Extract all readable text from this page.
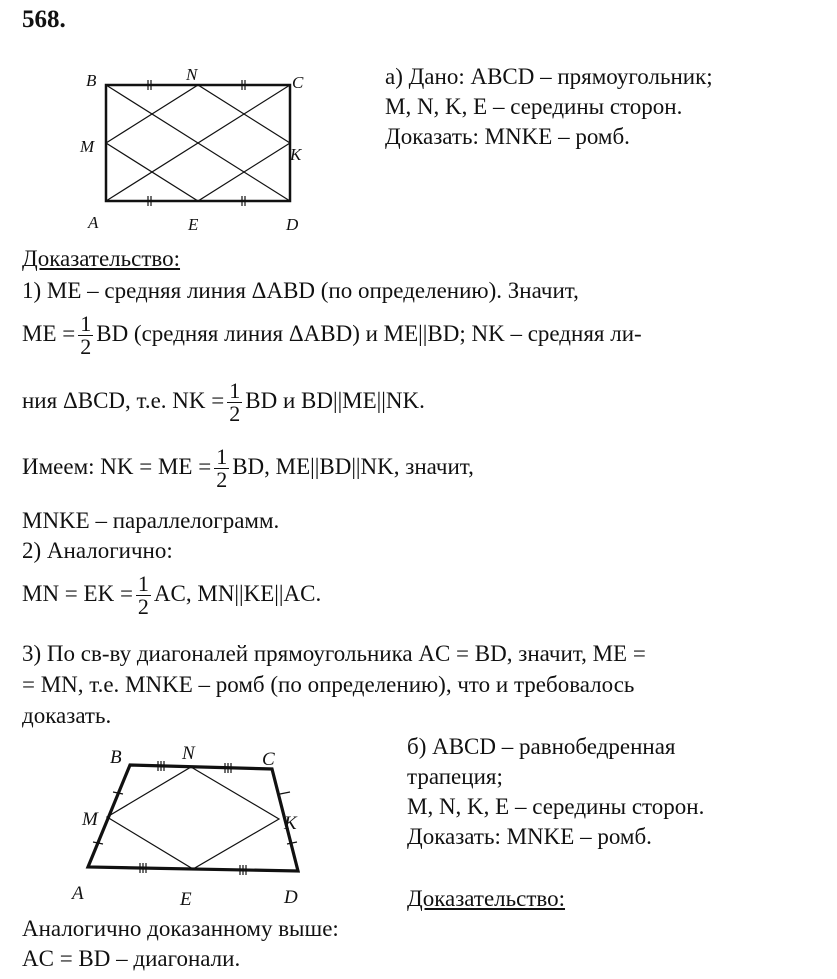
568.
B	N	C
M	K
A	E	D
а) Дано: ABCD – прямоугольник;
M, N, K, E – середины сторон.
Доказать: MNKE – ромб.
Доказательство:
1) ME – средняя линия ΔABD (по определению). Значит,
ME = $\frac{1}{2}$ BD (средняя линия ΔABD) и ME||BD; NK – средняя ли-
ния ΔBCD, т.е. NK = $\frac{1}{2}$ BD и BD||ME||NK.
Имеем: NK = ME = $\frac{1}{2}$ BD, ME||BD||NK, значит,
MNKE – параллелограмм.
2) Аналогично:
MN = EK = $\frac{1}{2}$ AC, MN||KE||AC.
3) По св-ву диагоналей прямоугольника AC = BD, значит, ME =
= MN, т.е. MNKE – ромб (по определению), что и требовалось
доказать.
B	N	C
M	K
A	E	D
б) ABCD – равнобедренная
трапеция;
M, N, K, E – середины сторон.
Доказать: MNKE – ромб.
Доказательство:
Аналогично доказанному выше:
AC = BD – диагонали.
